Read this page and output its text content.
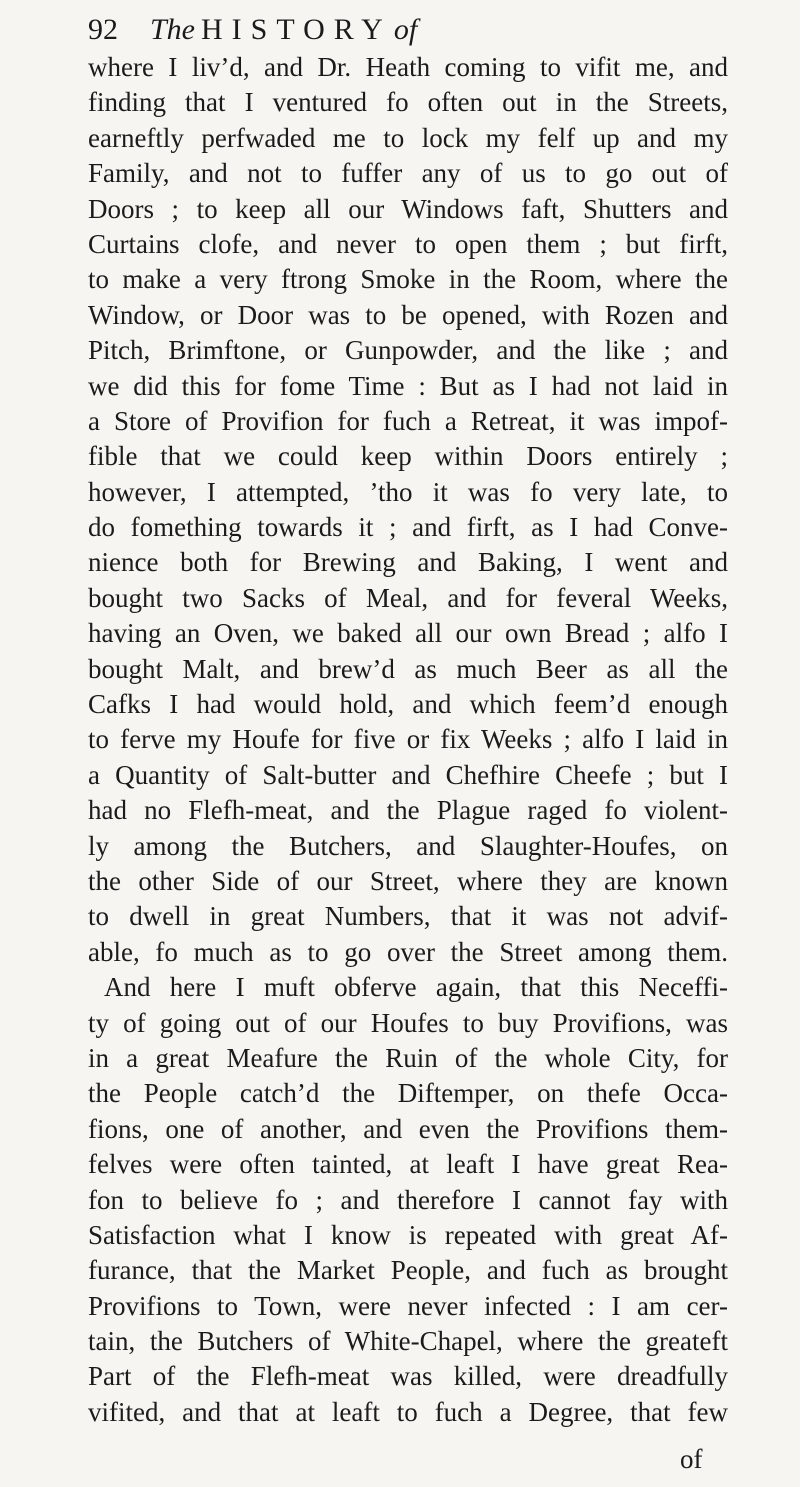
92 The HISTORYof
where I liv’d, and Dr. Heath coming to vifit me, and
finding that I ventured fo often out in the Streets,
earneftly perfwaded me to lock my felf up and my
Family, and not to fuffer any of us to go out of
Doors ; to keep all our Windows faft, Shutters and
Curtains clofe, and never to open them ; but firft,
to make a very ftrong Smoke in the Room, where the
Window, or Door was to be opened, with Rozen and
Pitch, Brimftone, or Gunpowder, and the like ; and
we did this for fome Time : But as I had not laid in
a Store of Provifion for fuch a Retreat, it was impof-
fible that we could keep within Doors entirely ;
however, I attempted, ’tho it was fo very late, to
do fomething towards it ; and firft, as I had Conve-
nience both for Brewing and Baking, I went and
bought two Sacks of Meal, and for feveral Weeks,
having an Oven, we baked all our own Bread ; alfo I
bought Malt, and brew’d as much Beer as all the
Cafks I had would hold, and which feem’d enough
to ferve my Houfe for five or fix Weeks ; alfo I laid in
a Quantity of Salt-butter and Chefhire Cheefe ; but I
had no Flefh-meat, and the Plague raged fo violent-
ly among the Butchers, and Slaughter-Houfes, on
the other Side of our Street, where they are known
to dwell in great Numbers, that it was not advif-
able, fo much as to go over the Street among them.
And here I muft obferve again, that this Neceffi-
ty of going out of our Houfes to buy Provifions, was
in a great Meafure the Ruin of the whole City, for
the People catch’d the Diftemper, on thefe Occa-
fions, one of another, and even the Provifions them-
felves were often tainted, at leaft I have great Rea-
fon to believe fo ; and therefore I cannot fay with
Satisfaction what I know is repeated with great Af-
furance, that the Market People, and fuch as brought
Provifions to Town, were never infected : I am cer-
tain, the Butchers of White-Chapel, where the greateft
Part of the Flefh-meat was killed, were dreadfully
vifited, and that at leaft to fuch a Degree, that few
of
